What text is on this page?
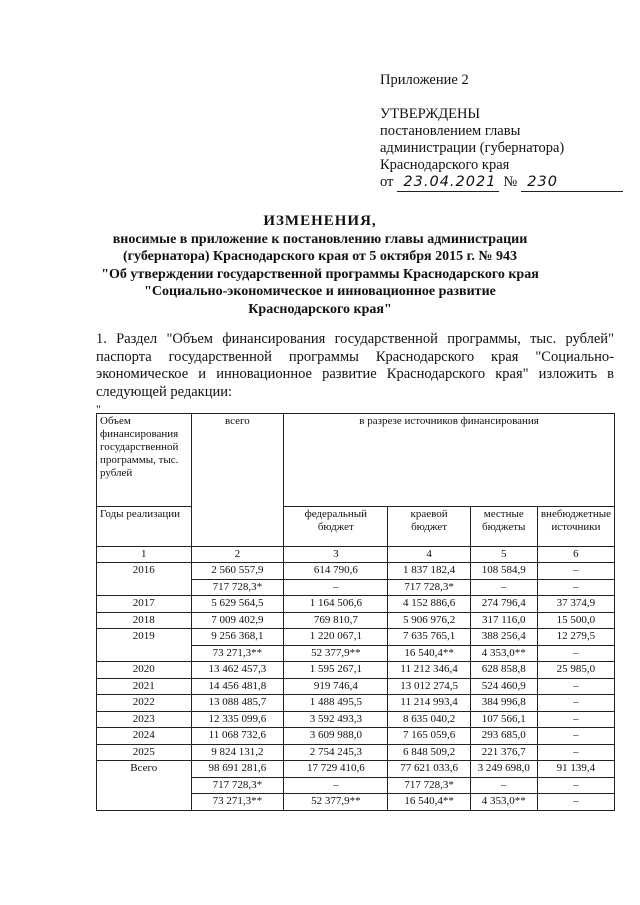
Приложение 2
УТВЕРЖДЕНЫ
постановлением главы
администрации (губернатора)
Краснодарского края
от 23.04.2021 № 230
ИЗМЕНЕНИЯ,
вносимые в приложение к постановлению главы администрации
(губернатора) Краснодарского края от 5 октября 2015 г. № 943
"Об утверждении государственной программы Краснодарского края
"Социально-экономическое и инновационное развитие
Краснодарского края"
1. Раздел "Объем финансирования государственной программы, тыс. рублей" паспорта государственной программы Краснодарского края "Социально-экономическое и инновационное развитие Краснодарского края" изложить в следующей редакции:
"
Объем финансирования государственной программы, тыс. рублей	всего	в разрезе источников финансирования			
Годы реализации		федеральный бюджет	краевой бюджет	местные бюджеты	внебюджетные источники
1	2	3	4	5	6
2016	2 560 557,9	614 790,6	1 837 182,4	108 584,9	–
	717 728,3*	–	717 728,3*	–	–
2017	5 629 564,5	1 164 506,6	4 152 886,6	274 796,4	37 374,9
2018	7 009 402,9	769 810,7	5 906 976,2	317 116,0	15 500,0
2019	9 256 368,1	1 220 067,1	7 635 765,1	388 256,4	12 279,5
	73 271,3**	52 377,9**	16 540,4**	4 353,0**	–
2020	13 462 457,3	1 595 267,1	11 212 346,4	628 858,8	25 985,0
2021	14 456 481,8	919 746,4	13 012 274,5	524 460,9	–
2022	13 088 485,7	1 488 495,5	11 214 993,4	384 996,8	–
2023	12 335 099,6	3 592 493,3	8 635 040,2	107 566,1	–
2024	11 068 732,6	3 609 988,0	7 165 059,6	293 685,0	–
2025	9 824 131,2	2 754 245,3	6 848 509,2	221 376,7	–
Всего	98 691 281,6	17 729 410,6	77 621 033,6	3 249 698,0	91 139,4
	717 728,3*	–	717 728,3*	–	–
	73 271,3**	52 377,9**	16 540,4**	4 353,0**	–
